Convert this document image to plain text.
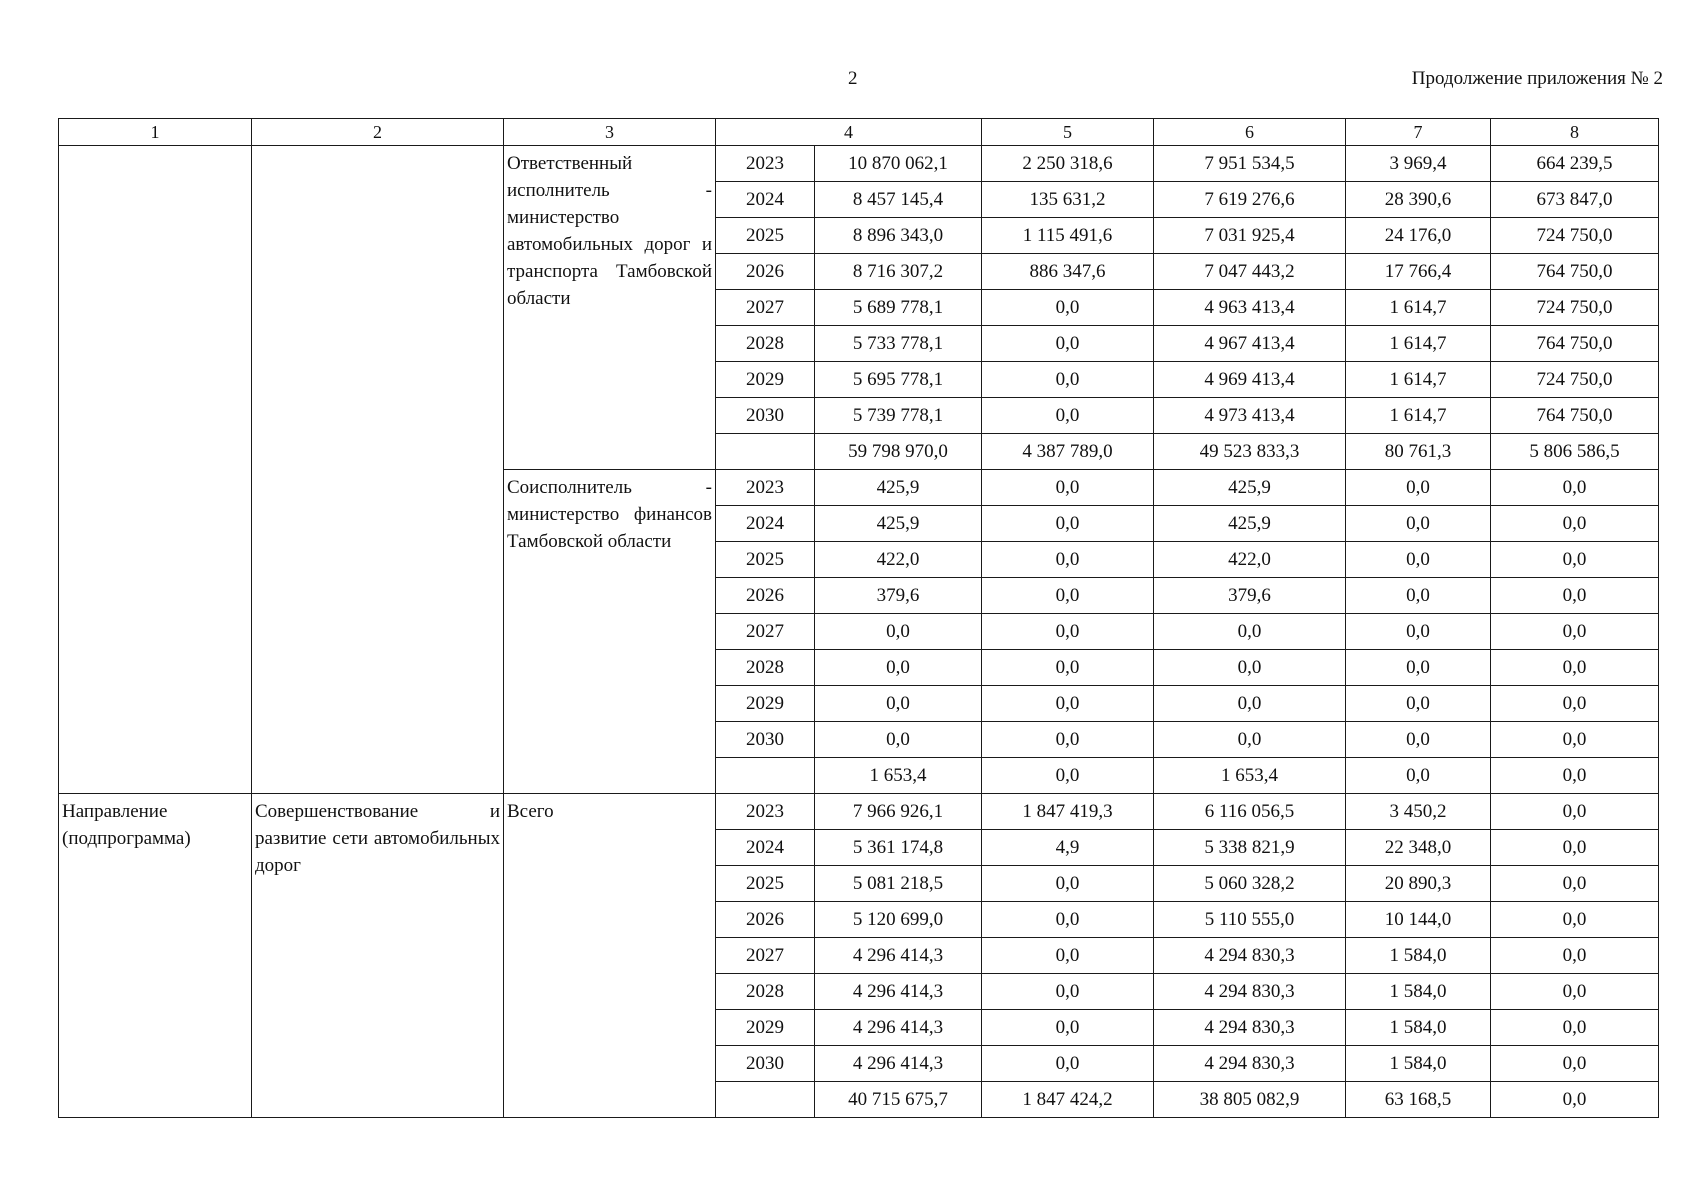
2	Продолжение приложения № 2
1	2	3	4		5	6	7	8
		Ответственный исполнитель - министерство автомобильных дорог и транспорта Тамбовской области	2023	10 870 062,1	2 250 318,6	7 951 534,5	3 969,4	664 239,5
			2024	8 457 145,4	135 631,2	7 619 276,6	28 390,6	673 847,0
			2025	8 896 343,0	1 115 491,6	7 031 925,4	24 176,0	724 750,0
			2026	8 716 307,2	886 347,6	7 047 443,2	17 766,4	764 750,0
			2027	5 689 778,1	0,0	4 963 413,4	1 614,7	724 750,0
			2028	5 733 778,1	0,0	4 967 413,4	1 614,7	764 750,0
			2029	5 695 778,1	0,0	4 969 413,4	1 614,7	724 750,0
			2030	5 739 778,1	0,0	4 973 413,4	1 614,7	764 750,0
				59 798 970,0	4 387 789,0	49 523 833,3	80 761,3	5 806 586,5
		Соисполнитель - министерство финансов Тамбовской области	2023	425,9	0,0	425,9	0,0	0,0
			2024	425,9	0,0	425,9	0,0	0,0
			2025	422,0	0,0	422,0	0,0	0,0
			2026	379,6	0,0	379,6	0,0	0,0
			2027	0,0	0,0	0,0	0,0	0,0
			2028	0,0	0,0	0,0	0,0	0,0
			2029	0,0	0,0	0,0	0,0	0,0
			2030	0,0	0,0	0,0	0,0	0,0
				1 653,4	0,0	1 653,4	0,0	0,0
Направление (подпрограмма)	Совершенствование и развитие сети автомобильных дорог	Всего	2023	7 966 926,1	1 847 419,3	6 116 056,5	3 450,2	0,0
			2024	5 361 174,8	4,9	5 338 821,9	22 348,0	0,0
			2025	5 081 218,5	0,0	5 060 328,2	20 890,3	0,0
			2026	5 120 699,0	0,0	5 110 555,0	10 144,0	0,0
			2027	4 296 414,3	0,0	4 294 830,3	1 584,0	0,0
			2028	4 296 414,3	0,0	4 294 830,3	1 584,0	0,0
			2029	4 296 414,3	0,0	4 294 830,3	1 584,0	0,0
			2030	4 296 414,3	0,0	4 294 830,3	1 584,0	0,0
				40 715 675,7	1 847 424,2	38 805 082,9	63 168,5	0,0
